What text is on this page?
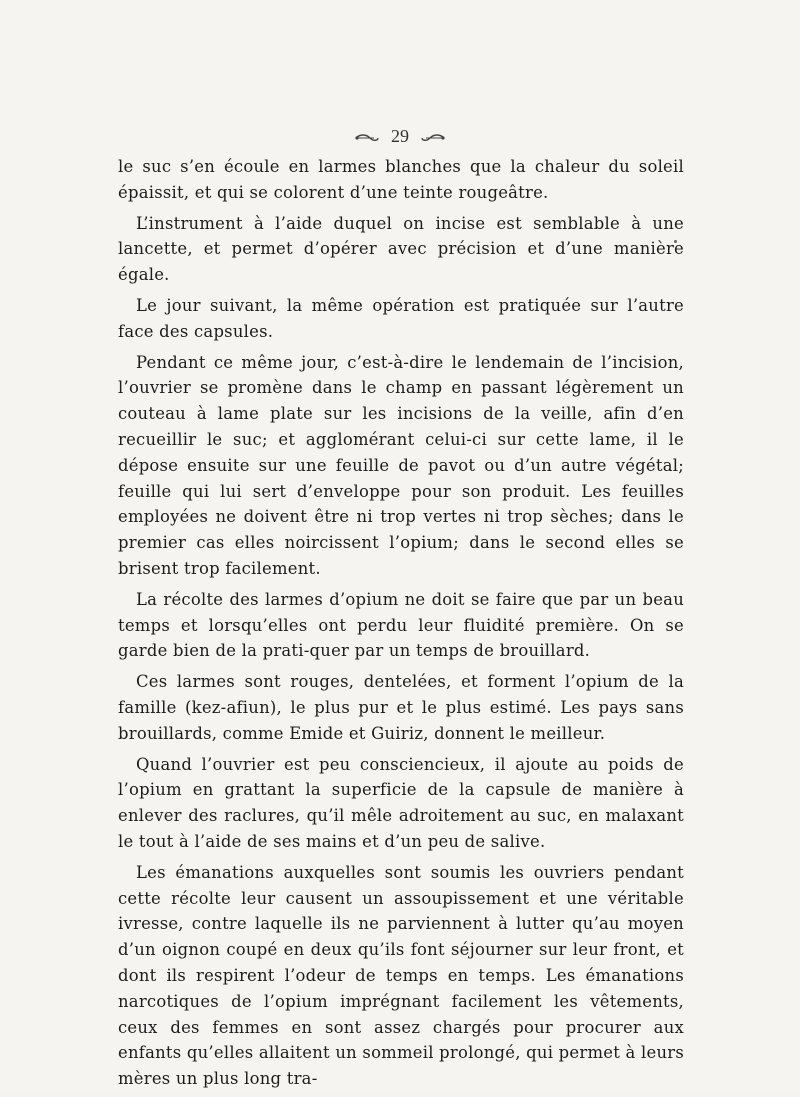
29

le suc s’en écoule en larmes blanches que la chaleur du soleil épaissit, et qui se colorent d’une teinte rougeâtre.

L’instrument à l’aide duquel on incise est semblable à une lancette, et permet d’opérer avec précision et d’une manière égale.

Le jour suivant, la même opération est pratiquée sur l’autre face des capsules.

Pendant ce même jour, c’est-à-dire le lendemain de l’incision, l’ouvrier se promène dans le champ en passant légèrement un couteau à lame plate sur les incisions de la veille, afin d’en recueillir le suc; et agglomérant celui-ci sur cette lame, il le dépose ensuite sur une feuille de pavot ou d’un autre végétal; feuille qui lui sert d’enveloppe pour son produit. Les feuilles employées ne doivent être ni trop vertes ni trop sèches; dans le premier cas elles noircissent l’opium; dans le second elles se brisent trop facilement.

La récolte des larmes d’opium ne doit se faire que par un beau temps et lorsqu’elles ont perdu leur fluidité première. On se garde bien de la prati-quer par un temps de brouillard.

Ces larmes sont rouges, dentelées, et forment l’opium de la famille (kez-afiun), le plus pur et le plus estimé. Les pays sans brouillards, comme Emide et Guiriz, donnent le meilleur.

Quand l’ouvrier est peu consciencieux, il ajoute au poids de l’opium en grattant la superficie de la capsule de manière à enlever des raclures, qu’il mêle adroitement au suc, en malaxant le tout à l’aide de ses mains et d’un peu de salive.

Les émanations auxquelles sont soumis les ouvriers pendant cette récolte leur causent un assoupissement et une véritable ivresse, contre laquelle ils ne parviennent à lutter qu’au moyen d’un oignon coupé en deux qu’ils font séjourner sur leur front, et dont ils respirent l’odeur de temps en temps. Les émanations narcotiques de l’opium imprégnant facilement les vêtements, ceux des femmes en sont assez chargés pour procurer aux enfants qu’elles allaitent un sommeil prolongé, qui permet à leurs mères un plus long tra-
